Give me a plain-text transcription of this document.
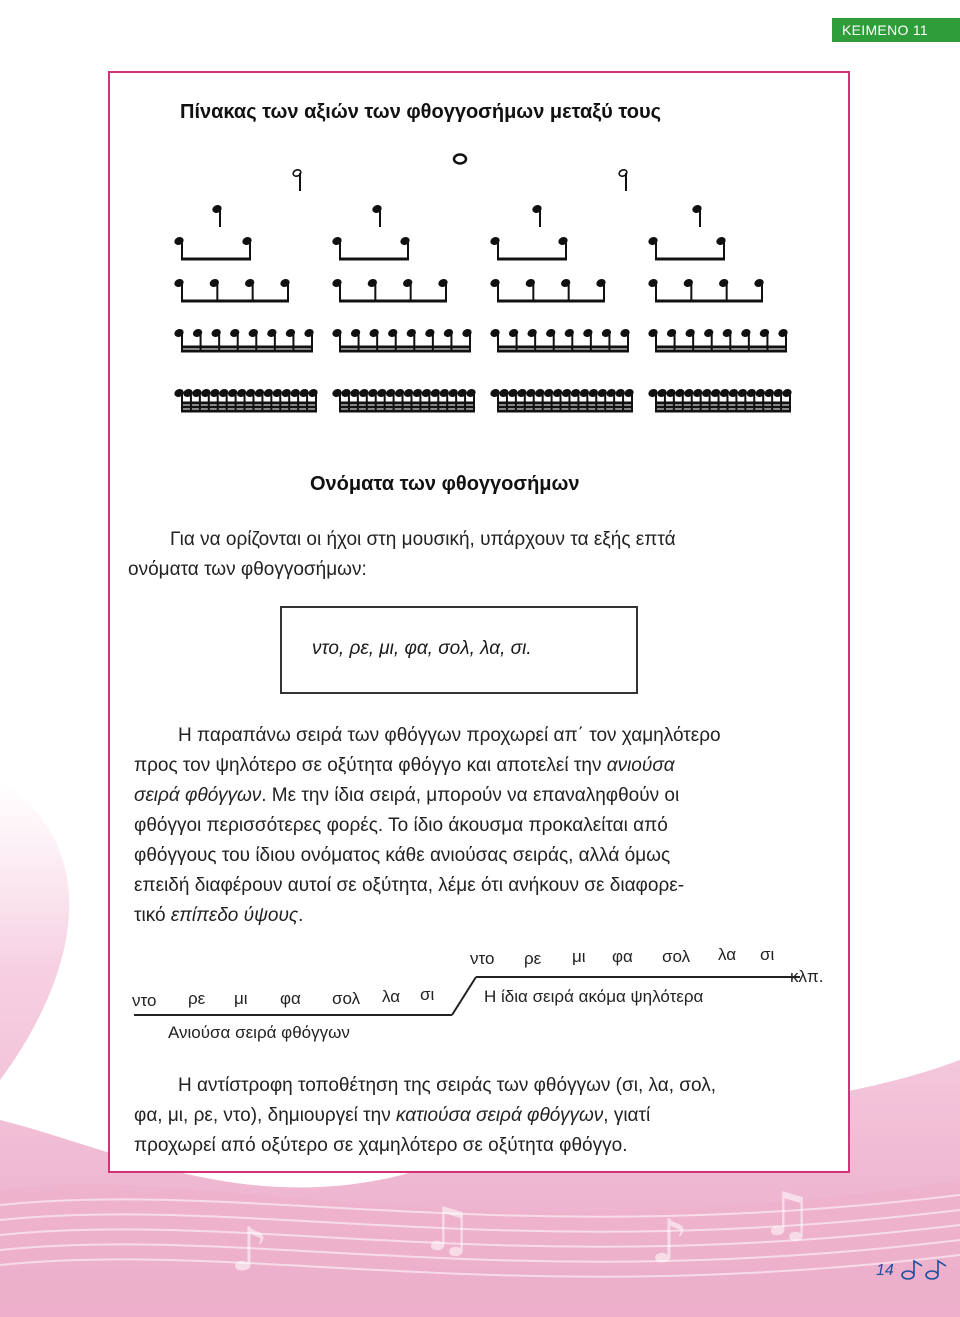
♪	♫	♪ ♫
ΚΕΙΜΕΝΟ 11
Πίνακας των αξιών των φθογγοσήμων μεταξύ τους
Ονόματα των φθογγοσήμων
Για να ορίζονται οι ήχοι στη μουσική, υπάρχουν τα εξής επτά
ονόματα των φθογγοσήμων:
ντο, ρε, μι, φα, σολ, λα, σι.
Η παραπάνω σειρά των φθόγγων προχωρεί απ΄ τον χαμηλότερο
προς τον ψηλότερο σε οξύτητα φθόγγο και αποτελεί την ανιούσα
σειρά φθόγγων. Με την ίδια σειρά, μπορούν να επαναληφθούν οι
φθόγγοι περισσότερες φορές. Το ίδιο άκουσμα προκαλείται από
φθόγγους του ίδιου ονόματος κάθε ανιούσας σειράς, αλλά όμως
επειδή διαφέρουν αυτοί σε οξύτητα, λέμε ότι ανήκουν σε διαφορε-
τικό επίπεδο ύψους.
ντο ρε μι φα σολ λα σι
ντο ρε μι φα σολ λα σι
κλπ.
Ανιούσα σειρά φθόγγων
Η ίδια σειρά ακόμα ψηλότερα
Η αντίστροφη τοποθέτηση της σειράς των φθόγγων (σι, λα, σολ,
φα, μι, ρε, ντο), δημιουργεί την κατιούσα σειρά φθόγγων, γιατί
προχωρεί από οξύτερο σε χαμηλότερο σε οξύτητα φθόγγο.
14
